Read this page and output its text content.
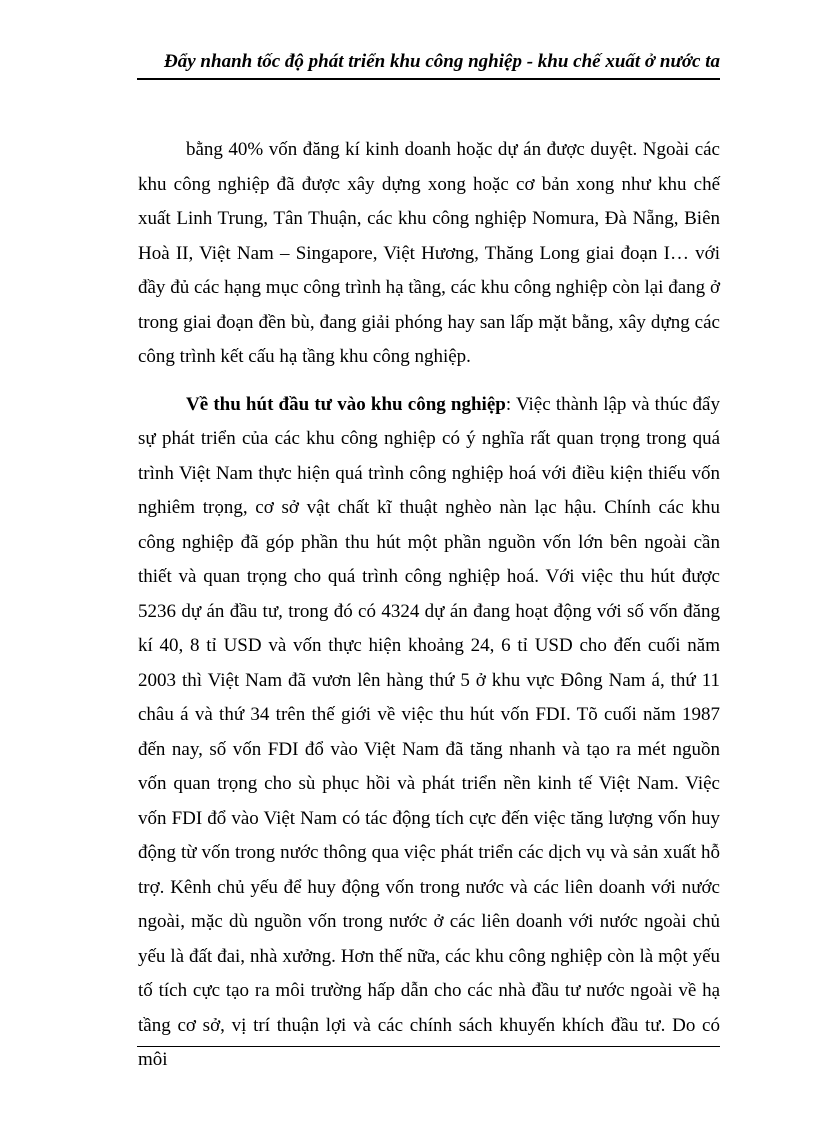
Đẩy nhanh tốc độ phát triển khu công nghiệp - khu chế xuất ở nước ta

bằng 40% vốn đăng kí kinh doanh hoặc dự án được duyệt. Ngoài các khu công nghiệp đã được xây dựng xong hoặc cơ bản xong như khu chế xuất Linh Trung, Tân Thuận, các khu công nghiệp Nomura, Đà Nẵng, Biên Hoà II, Việt Nam – Singapore, Việt Hương, Thăng Long giai đoạn I… với đầy đủ các hạng mục công trình hạ tầng, các khu công nghiệp còn lại đang ở trong giai đoạn đền bù, đang giải phóng hay san lấp mặt bằng, xây dựng các công trình kết cấu hạ tầng khu công nghiệp.

Về thu hút đầu tư vào khu công nghiệp: Việc thành lập và thúc đẩy sự phát triển của các khu công nghiệp có ý nghĩa rất quan trọng trong quá trình Việt Nam thực hiện quá trình công nghiệp hoá với điều kiện thiếu vốn nghiêm trọng, cơ sở vật chất kĩ thuật nghèo nàn lạc hậu. Chính các khu công nghiệp đã góp phần thu hút một phần nguồn vốn lớn bên ngoài cần thiết và quan trọng cho quá trình công nghiệp hoá. Với việc thu hút được 5236 dự án đầu tư, trong đó có 4324 dự án đang hoạt động với số vốn đăng kí 40, 8 tỉ USD và vốn thực hiện khoảng 24, 6 tỉ USD cho đến cuối năm 2003 thì Việt Nam đã vươn lên hàng thứ 5 ở khu vực Đông Nam á, thứ 11 châu á và thứ 34 trên thế giới về việc thu hút vốn FDI. Tõ cuối năm 1987 đến nay, số vốn FDI đổ vào Việt Nam đã tăng nhanh và tạo ra mét nguồn vốn quan trọng cho sù phục hồi và phát triển nền kinh tế Việt Nam. Việc vốn FDI đổ vào Việt Nam có tác động tích cực đến việc tăng lượng vốn huy động từ vốn trong nước thông qua việc phát triển các dịch vụ và sản xuất hỗ trợ. Kênh chủ yếu để huy động vốn trong nước và các liên doanh với nước ngoài, mặc dù nguồn vốn trong nước ở các liên doanh với nước ngoài chủ yếu là đất đai, nhà xưởng. Hơn thế nữa, các khu công nghiệp còn là một yếu tố tích cực tạo ra môi trường hấp dẫn cho các nhà đầu tư nước ngoài về hạ tầng cơ sở, vị trí thuận lợi và các chính sách khuyến khích đầu tư. Do có môi
